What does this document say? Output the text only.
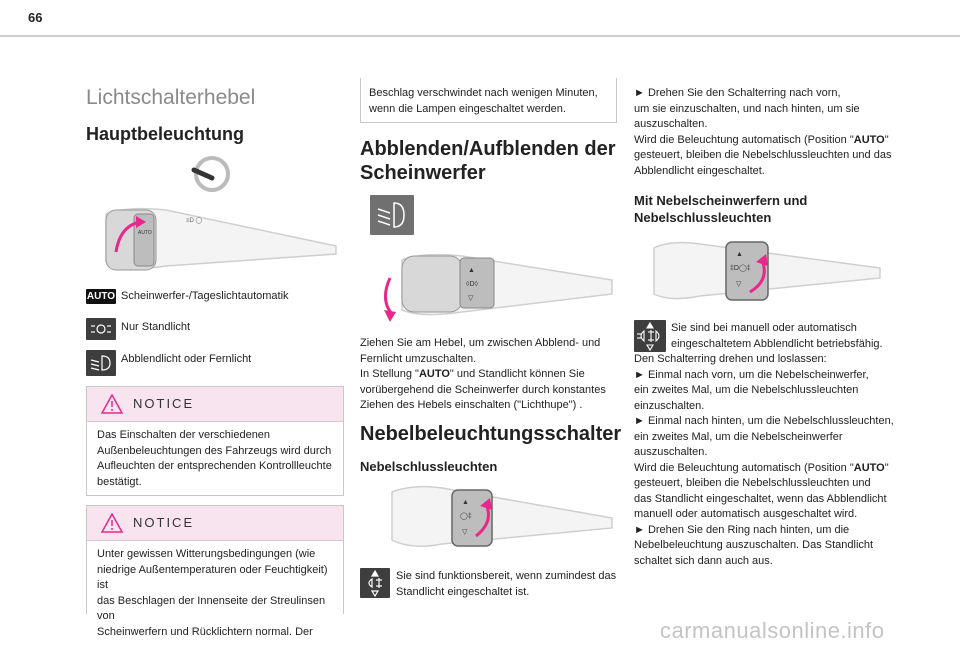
66
Lichtschalterhebel
Hauptbeleuchtung
AUTO
≡D ◯
AUTO Scheinwerfer-/Tageslichtautomatik
Nur Standlicht
Abblendlicht oder Fernlicht
NOTICE
Das Einschalten der verschiedenen
Außenbeleuchtungen des Fahrzeugs wird durch
Aufleuchten der entsprechenden Kontrollleuchte
bestätigt.
NOTICE
Unter gewissen Witterungsbedingungen (wie
niedrige Außentemperaturen oder Feuchtigkeit) ist
das Beschlagen der Innenseite der Streulinsen von
Scheinwerfern und Rücklichtern normal. Der
Beschlag verschwindet nach wenigen Minuten,
wenn die Lampen eingeschaltet werden.
Abblenden/Aufblenden der
Scheinwerfer
▲
◊D◊
▽
Ziehen Sie am Hebel, um zwischen Abblend- und
Fernlicht umzuschalten.
In Stellung "AUTO" und Standlicht können Sie
vorübergehend die Scheinwerfer durch konstantes
Ziehen des Hebels einschalten ("Lichthupe") .
Nebelbeleuchtungsschalter
Nebelschlussleuchten
▲
◯‡
▽
Sie sind funktionsbereit, wenn zumindest das
Standlicht eingeschaltet ist.
► Drehen Sie den Schalterring nach vorn,
um sie einzuschalten, und nach hinten, um sie
auszuschalten.
Wird die Beleuchtung automatisch (Position "AUTO"
gesteuert, bleiben die Nebelschlussleuchten und das
Abblendlicht eingeschaltet.
Mit Nebelscheinwerfern und
Nebelschlussleuchten
▲
‡D◯‡
▽
Sie sind bei manuell oder automatisch
eingeschaltetem Abblendlicht betriebsfähig.
Den Schalterring drehen und loslassen:
► Einmal nach vorn, um die Nebelscheinwerfer,
ein zweites Mal, um die Nebelschlussleuchten
einzuschalten.
► Einmal nach hinten, um die Nebelschlussleuchten,
ein zweites Mal, um die Nebelscheinwerfer
auszuschalten.
Wird die Beleuchtung automatisch (Position "AUTO"
gesteuert, bleiben die Nebelschlussleuchten und
das Standlicht eingeschaltet, wenn das Abblendlicht
manuell oder automatisch ausgeschaltet wird.
► Drehen Sie den Ring nach hinten, um die
Nebelbeleuchtung auszuschalten. Das Standlicht
schaltet sich dann auch aus.
carmanualsonline.info
